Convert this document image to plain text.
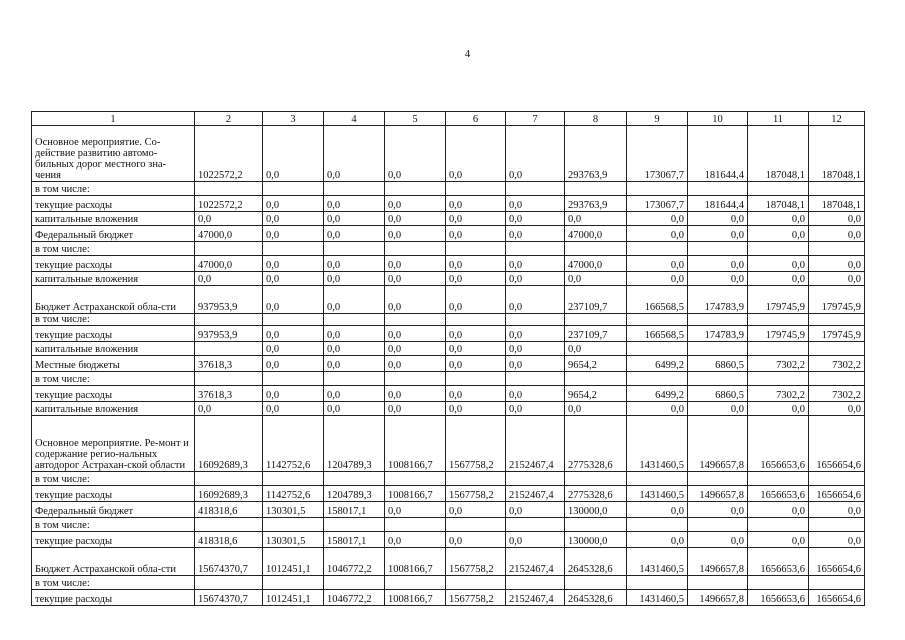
4
1	2	3	4	5	6	7	8	9	10	11	12
Основное мероприятие. Со-действие развитию автомо-бильных дорог местного зна-чения	1022572,2	0,0	0,0	0,0	0,0	0,0	293763,9	173067,7	181644,4	187048,1	187048,1
в том числе:											
текущие расходы	1022572,2	0,0	0,0	0,0	0,0	0,0	293763,9	173067,7	181644,4	187048,1	187048,1
капитальные вложения	0,0	0,0	0,0	0,0	0,0	0,0	0,0	0,0	0,0	0,0	0,0
Федеральный бюджет	47000,0	0,0	0,0	0,0	0,0	0,0	47000,0	0,0	0,0	0,0	0,0
в том числе:											
текущие расходы	47000,0	0,0	0,0	0,0	0,0	0,0	47000,0	0,0	0,0	0,0	0,0
капитальные вложения	0,0	0,0	0,0	0,0	0,0	0,0	0,0	0,0	0,0	0,0	0,0
Бюджет Астраханской обла-сти	937953,9	0,0	0,0	0,0	0,0	0,0	237109,7	166568,5	174783,9	179745,9	179745,9
в том числе:											
текущие расходы	937953,9	0,0	0,0	0,0	0,0	0,0	237109,7	166568,5	174783,9	179745,9	179745,9
капитальные вложения		0,0	0,0	0,0	0,0	0,0	0,0				
Местные бюджеты	37618,3	0,0	0,0	0,0	0,0	0,0	9654,2	6499,2	6860,5	7302,2	7302,2
в том числе:											
текущие расходы	37618,3	0,0	0,0	0,0	0,0	0,0	9654,2	6499,2	6860,5	7302,2	7302,2
капитальные вложения	0,0	0,0	0,0	0,0	0,0	0,0	0,0	0,0	0,0	0,0	0,0
Основное мероприятие. Ре-монт и содержание регио-нальных автодорог Астрахан-ской области	16092689,3	1142752,6	1204789,3	1008166,7	1567758,2	2152467,4	2775328,6	1431460,5	1496657,8	1656653,6	1656654,6
в том числе:											
текущие расходы	16092689,3	1142752,6	1204789,3	1008166,7	1567758,2	2152467,4	2775328,6	1431460,5	1496657,8	1656653,6	1656654,6
Федеральный бюджет	418318,6	130301,5	158017,1	0,0	0,0	0,0	130000,0	0,0	0,0	0,0	0,0
в том числе:											
текущие расходы	418318,6	130301,5	158017,1	0,0	0,0	0,0	130000,0	0,0	0,0	0,0	0,0
Бюджет Астраханской обла-сти	15674370,7	1012451,1	1046772,2	1008166,7	1567758,2	2152467,4	2645328,6	1431460,5	1496657,8	1656653,6	1656654,6
в том числе:											
текущие расходы	15674370,7	1012451,1	1046772,2	1008166,7	1567758,2	2152467,4	2645328,6	1431460,5	1496657,8	1656653,6	1656654,6
